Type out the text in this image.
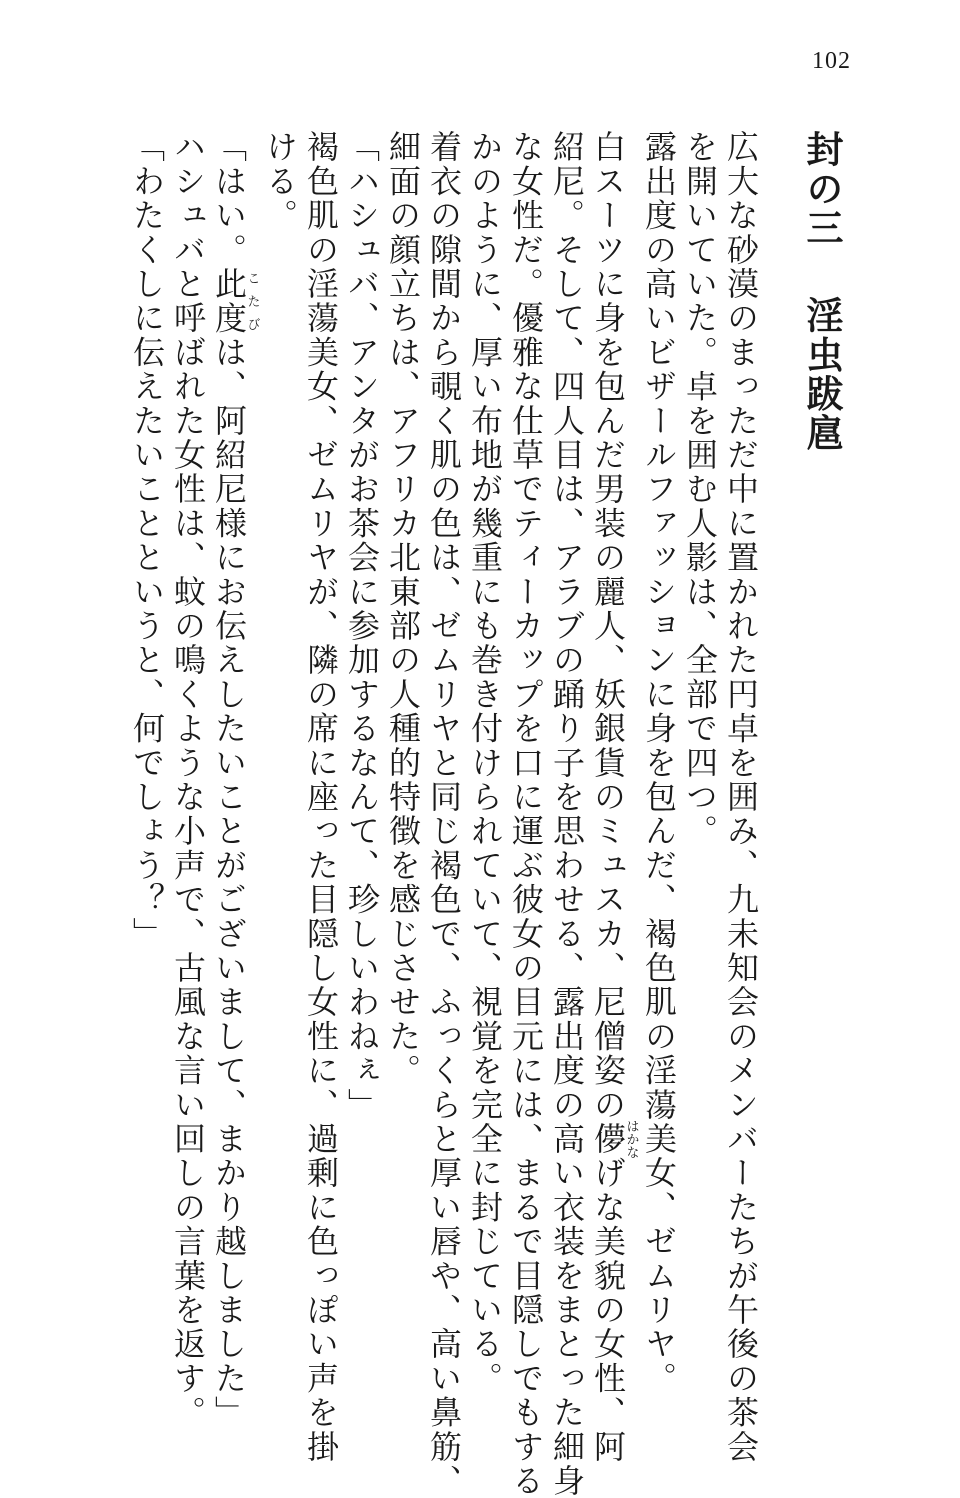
102
封の三淫虫跋扈
広大な砂漠のまっただ中に置かれた円卓を囲み、九未知会のメンバーたちが午後の茶会
を開いていた。卓を囲む人影は、全部で四つ。
露出度の高いビザールファッションに身を包んだ、褐色肌の淫蕩美女、ゼムリヤ。
白スーツに身を包んだ男装の麗人、妖銀貨のミュスカ、尼僧姿の儚はかなげな美貌の女性、阿
紹尼。そして、四人目は、アラブの踊り子を思わせる、露出度の高い衣装をまとった細身
な女性だ。優雅な仕草でティーカップを口に運ぶ彼女の目元には、まるで目隠しでもする
かのように、厚い布地が幾重にも巻き付けられていて、視覚を完全に封じている。
着衣の隙間から覗く肌の色は、ゼムリヤと同じ褐色で、ふっくらと厚い唇や、高い鼻筋、
細面の顔立ちは、アフリカ北東部の人種的特徴を感じさせた。
「ハシュバ、アンタがお茶会に参加するなんて、珍しいわねぇ」
褐色肌の淫蕩美女、ゼムリヤが、隣の席に座った目隠し女性に、過剰に色っぽい声を掛
ける。
「はい。此度こたびは、阿紹尼様にお伝えしたいことがございまして、まかり越しました」
ハシュバと呼ばれた女性は、蚊の鳴くような小声で、古風な言い回しの言葉を返す。
「わたくしに伝えたいことというと、何でしょう？」
